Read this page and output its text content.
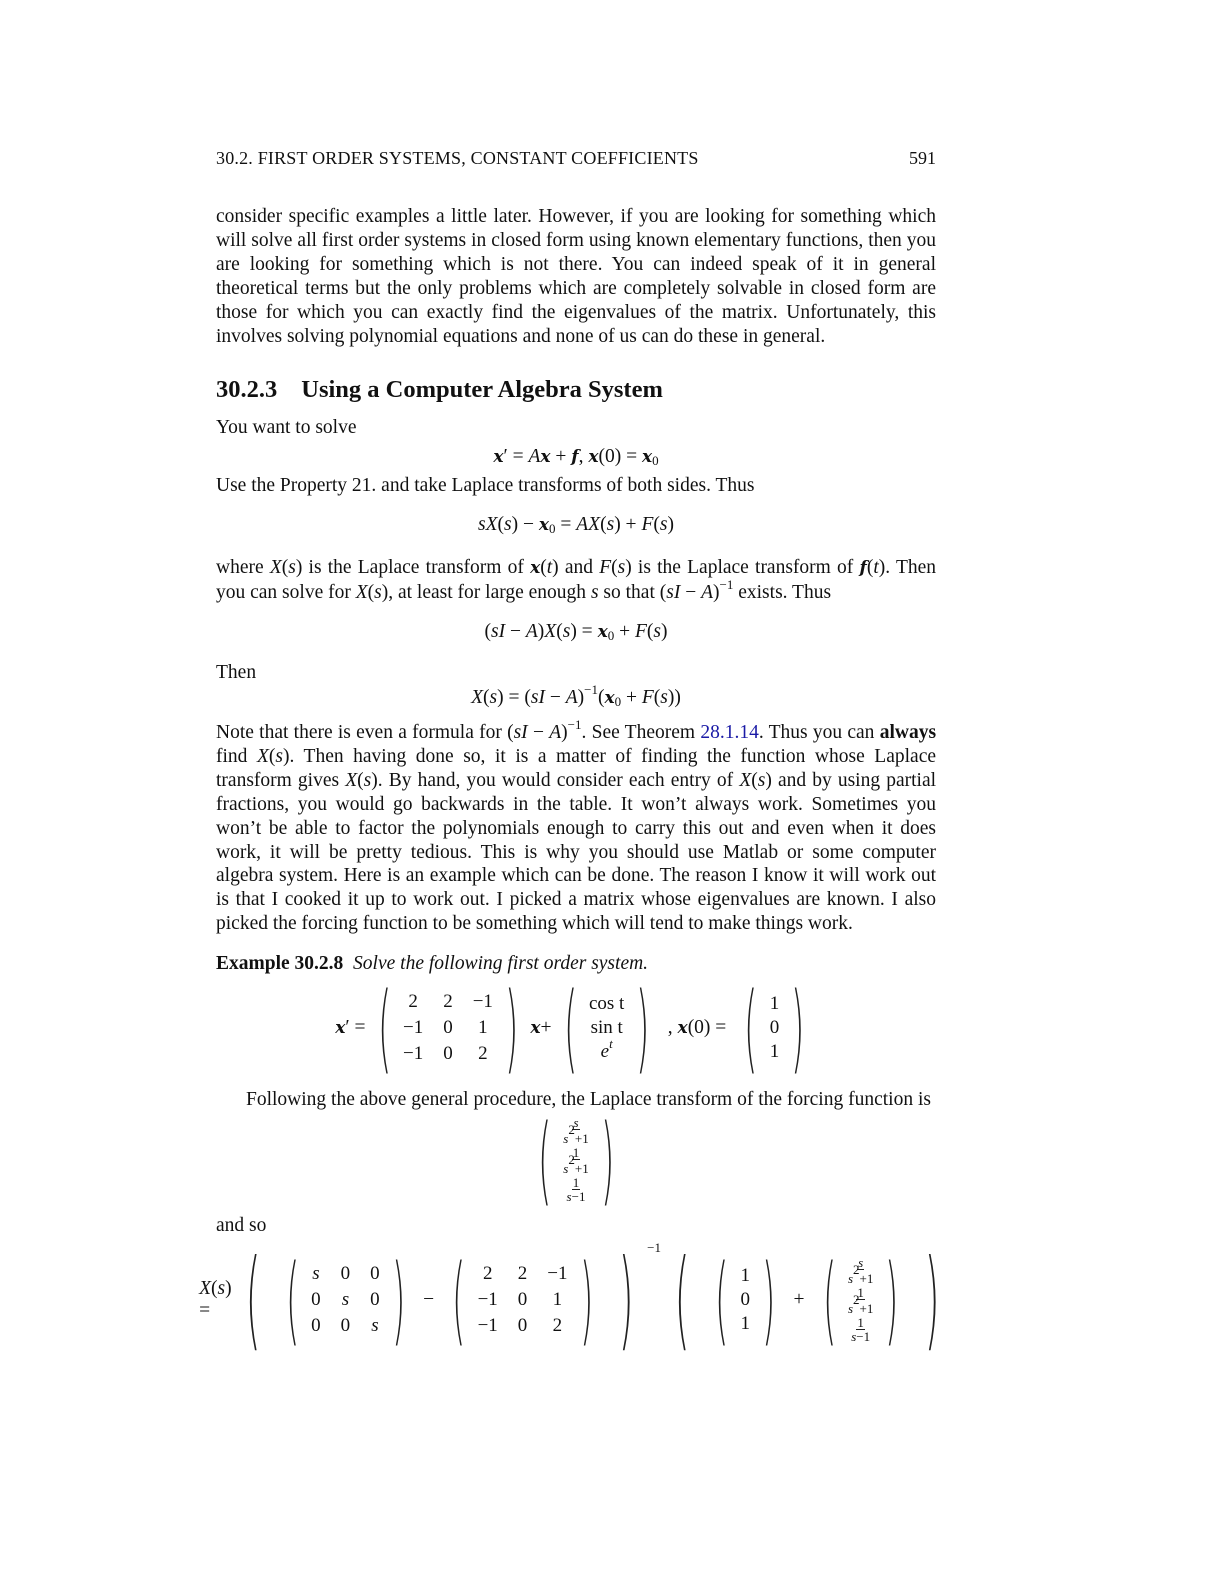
30.2. FIRST ORDER SYSTEMS, CONSTANT COEFFICIENTS	591

consider specific examples a little later. However, if you are looking for something which will solve all first order systems in closed form using known elementary functions, then you are looking for something which is not there. You can indeed speak of it in general theoretical terms but the only problems which are completely solvable in closed form are those for which you can exactly find the eigenvalues of the matrix. Unfortunately, this involves solving polynomial equations and none of us can do these in general.

30.2.3 Using a Computer Algebra System

You want to solve

x′ = Ax + f, $x(0) = x_0$

Use the Property 21. and take Laplace transforms of both sides. Thus

$sX(s) - x_0 = AX(s) + F(s)$

where X(s) is the Laplace transform of x(t) and F(s) is the Laplace transform of f(t). Then you can solve for X(s), at least for large enough s so that (sI − A)$^{-1}$ exists. Thus

$(sI - A)X(s) = x_0 + F(s)$

Then

$X(s) = (sI - A)^{-1}(x_0 + F(s))$

Note that there is even a formula for (sI − A)$^{-1}$. See Theorem 28.1.14. Thus you can always find X(s). Then having done so, it is a matter of finding the function whose Laplace transform gives X(s). By hand, you would consider each entry of X(s) and by using partial fractions, you would go backwards in the table. It won’t always work. Sometimes you won’t be able to factor the polynomials enough to carry this out and even when it does work, it will be pretty tedious. This is why you should use Matlab or some computer algebra system. Here is an example which can be done. The reason I know it will work out is that I cooked it up to work out. I picked a matrix whose eigenvalues are known. I also picked the forcing function to be something which will tend to make things work.

Example 30.2.8 Solve the following first order system.

x′ = ( 2 2 −1
−1 0 1
−1 0 2 ) x+ ( cos t
sin t
$e^t$ ) , x(0) = ( 1
0
1 )

Following the above general procedure, the Laplace transform of the forcing function is

( $\frac{s}{s^2+1}$
$\frac{1}{s^2+1}$
$\frac{1}{s-1}$ )

and so

X(s) = ( ( s 0 0
0 s 0
0 0 s ) − ( 2 2 −1
−1 0 1
−1 0 2 ) ) −1 ( ( 1
0
1 ) + ( $\frac{s}{s^2+1}$
$\frac{1}{s^2+1}$
$\frac{1}{s-1}$ ) )
